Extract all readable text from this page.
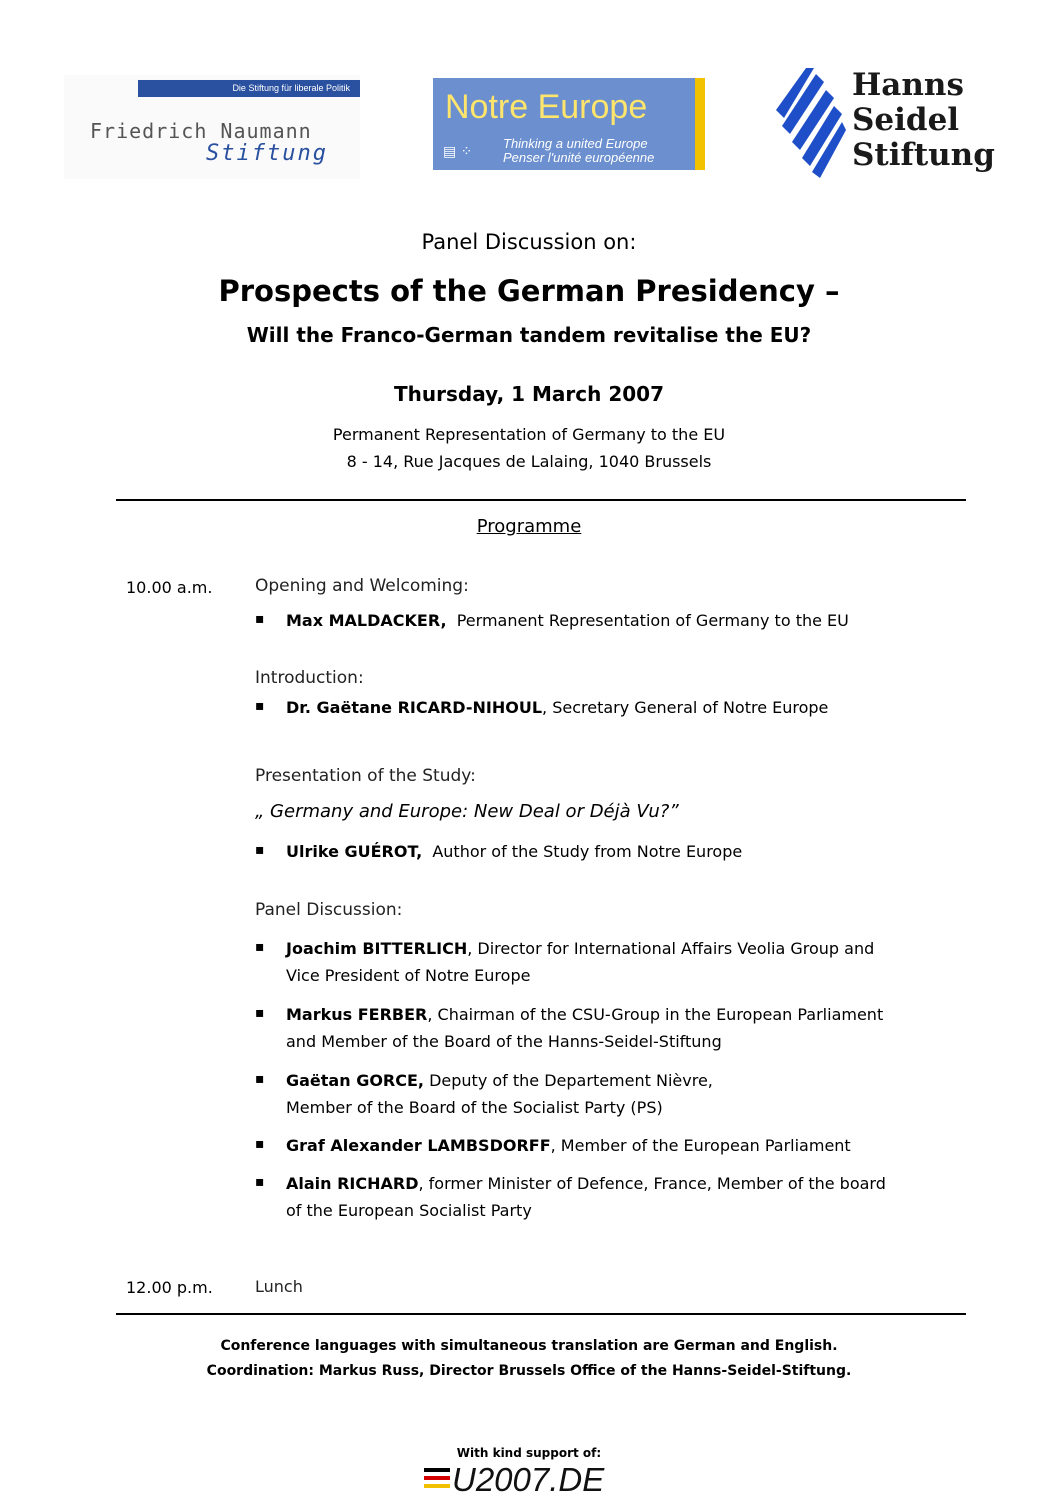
Die Stiftung für liberale Politik
Friedrich Naumann
Stiftung
Notre Europe
▤ ⁘
Thinking a united Europe
Penser l'unité européenne
Hanns
Seidel
Stiftung
Panel Discussion on:
Prospects of the German Presidency –
Will the Franco-German tandem revitalise the EU?
Thursday, 1 March 2007
Permanent Representation of Germany to the EU
8 - 14, Rue Jacques de Lalaing, 1040 Brussels
Programme
10.00 a.m.	Opening and Welcoming:
▪ Max MALDACKER, Permanent Representation of Germany to the EU
Introduction:
▪ Dr. Gaëtane RICARD-NIHOUL, Secretary General of Notre Europe
Presentation of the Study:
„ Germany and Europe: New Deal or Déjà Vu?”
▪ Ulrike GUÉROT, Author of the Study from Notre Europe
Panel Discussion:
▪ Joachim BITTERLICH, Director for International Affairs Veolia Group and
Vice President of Notre Europe
▪ Markus FERBER, Chairman of the CSU-Group in the European Parliament
and Member of the Board of the Hanns-Seidel-Stiftung
▪ Gaëtan GORCE, Deputy of the Departement Nièvre,
Member of the Board of the Socialist Party (PS)
▪ Graf Alexander LAMBSDORFF, Member of the European Parliament
▪ Alain RICHARD, former Minister of Defence, France, Member of the board
of the European Socialist Party
12.00 p.m.	Lunch
Conference languages with simultaneous translation are German and English.
Coordination: Markus Russ, Director Brussels Office of the Hanns-Seidel-Stiftung.
With kind support of:
U2007.DE
